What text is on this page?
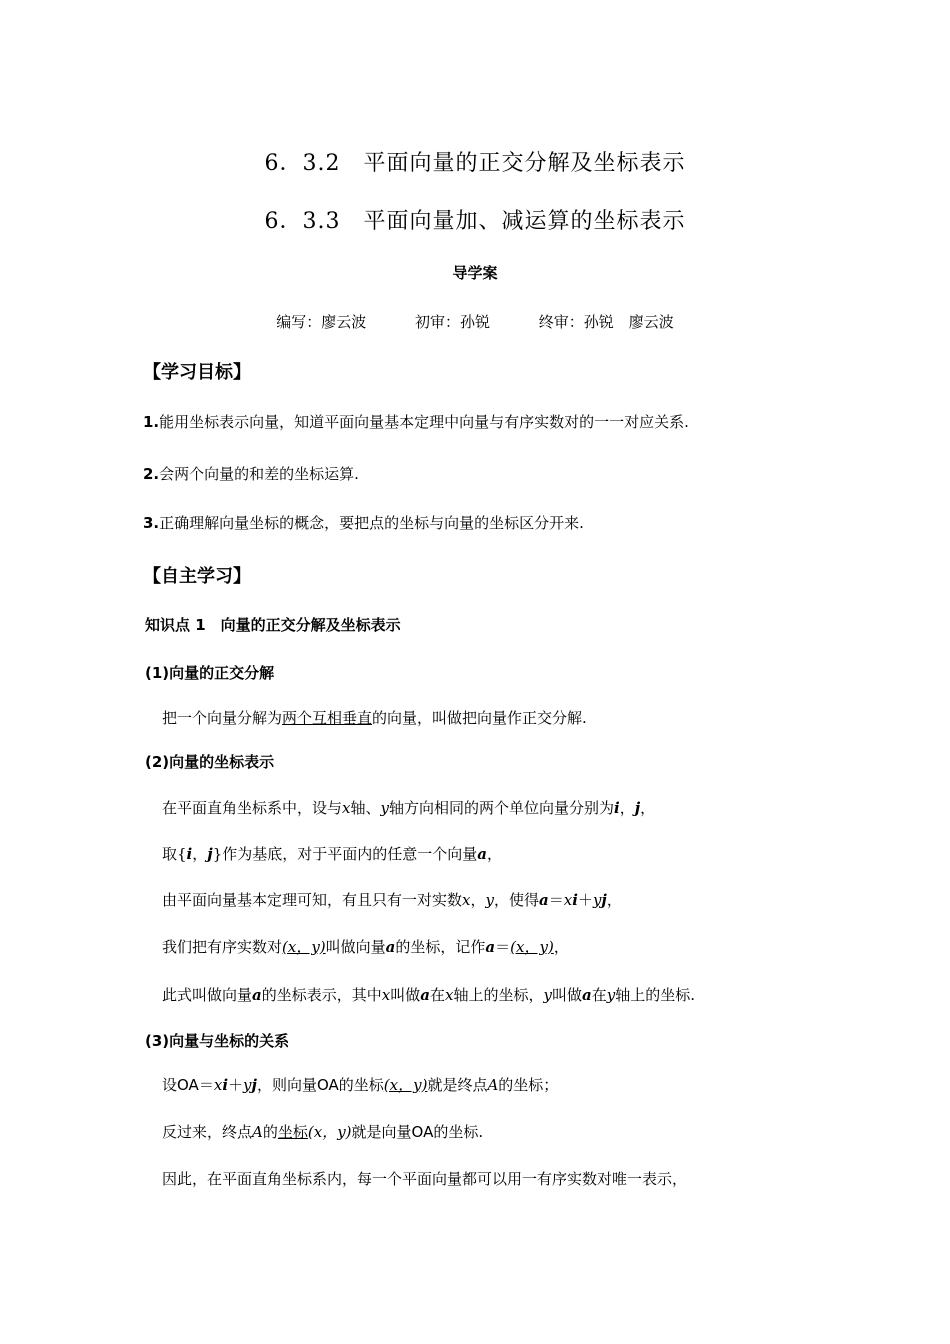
6．3.2　平面向量的正交分解及坐标表示
6．3.3　平面向量加、减运算的坐标表示
导学案
编写：廖云波	初审：孙锐	终审：孙锐　廖云波
【学习目标】
1.能用坐标表示向量，知道平面向量基本定理中向量与有序实数对的一一对应关系.
2.会两个向量的和差的坐标运算.
3.正确理解向量坐标的概念，要把点的坐标与向量的坐标区分开来.
【自主学习】
知识点 1　向量的正交分解及坐标表示
(1)向量的正交分解
把一个向量分解为两个互相垂直的向量，叫做把向量作正交分解.
(2)向量的坐标表示
在平面直角坐标系中，设与x轴、y轴方向相同的两个单位向量分别为i，j，
取{i，j}作为基底，对于平面内的任意一个向量a，
由平面向量基本定理可知，有且只有一对实数x，y，使得a＝xi＋yj，
我们把有序实数对(x，y)叫做向量a的坐标，记作a＝(x，y)，
此式叫做向量a的坐标表示，其中x叫做a在x轴上的坐标，y叫做a在y轴上的坐标.
(3)向量与坐标的关系
设OA＝xi＋yj，则向量OA的坐标(x，y)就是终点A的坐标；
反过来，终点A的坐标(x，y)就是向量OA的坐标.
因此，在平面直角坐标系内，每一个平面向量都可以用一有序实数对唯一表示，
